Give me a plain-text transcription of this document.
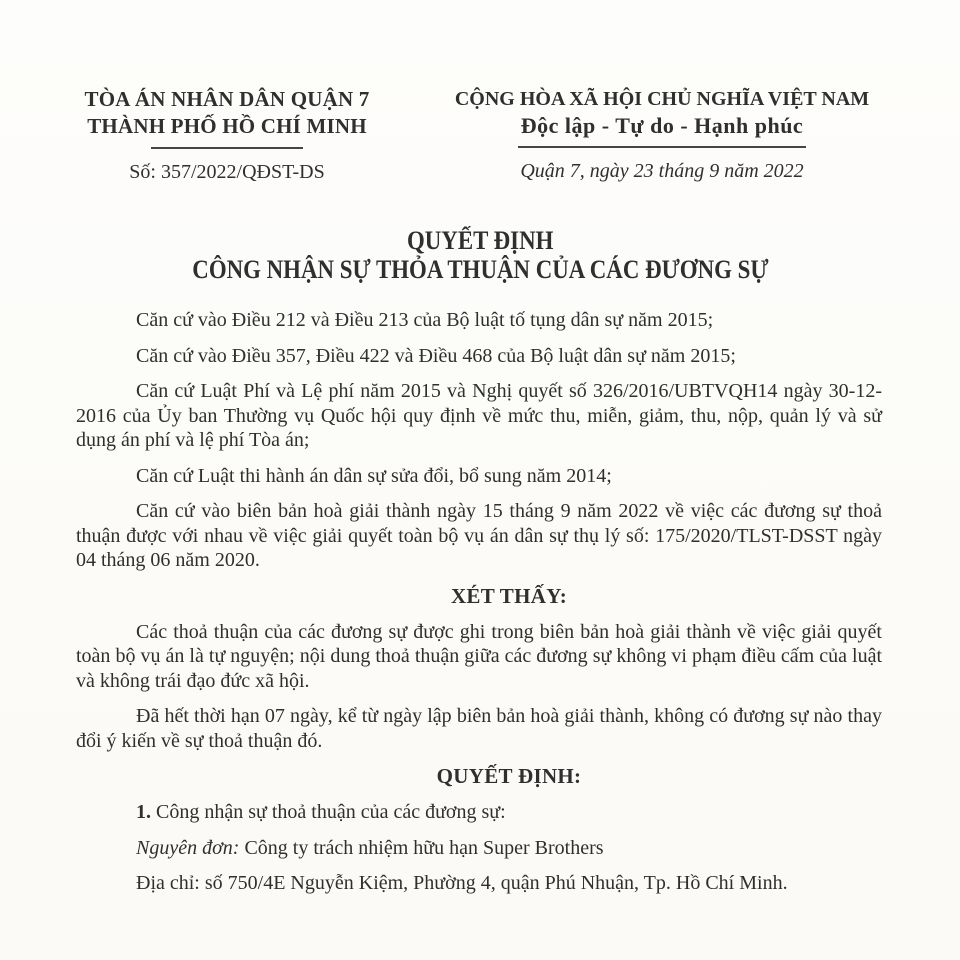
TÒA ÁN NHÂN DÂN QUẬN 7
THÀNH PHỐ HỒ CHÍ MINH
Số: 357/2022/QĐST-DS
CỘNG HÒA XÃ HỘI CHỦ NGHĨA VIỆT NAM
Độc lập - Tự do - Hạnh phúc
Quận 7, ngày 23 tháng 9 năm 2022
QUYẾT ĐỊNH
CÔNG NHẬN SỰ THỎA THUẬN CỦA CÁC ĐƯƠNG SỰ

Căn cứ vào Điều 212 và Điều 213 của Bộ luật tố tụng dân sự năm 2015;

Căn cứ vào Điều 357, Điều 422 và Điều 468 của Bộ luật dân sự năm 2015;

Căn cứ Luật Phí và Lệ phí năm 2015 và Nghị quyết số 326/2016/UBTVQH14 ngày 30-12-2016 của Ủy ban Thường vụ Quốc hội quy định về mức thu, miễn, giảm, thu, nộp, quản lý và sử dụng án phí và lệ phí Tòa án;

Căn cứ Luật thi hành án dân sự sửa đổi, bổ sung năm 2014;

Căn cứ vào biên bản hoà giải thành ngày 15 tháng 9 năm 2022 về việc các đương sự thoả thuận được với nhau về việc giải quyết toàn bộ vụ án dân sự thụ lý số: 175/2020/TLST-DSST ngày 04 tháng 06 năm 2020.

XÉT THẤY:

Các thoả thuận của các đương sự được ghi trong biên bản hoà giải thành về việc giải quyết toàn bộ vụ án là tự nguyện; nội dung thoả thuận giữa các đương sự không vi phạm điều cấm của luật và không trái đạo đức xã hội.

Đã hết thời hạn 07 ngày, kể từ ngày lập biên bản hoà giải thành, không có đương sự nào thay đổi ý kiến về sự thoả thuận đó.

QUYẾT ĐỊNH:

1. Công nhận sự thoả thuận của các đương sự:

Nguyên đơn: Công ty trách nhiệm hữu hạn Super Brothers

Địa chỉ: số 750/4E Nguyễn Kiệm, Phường 4, quận Phú Nhuận, Tp. Hồ Chí Minh.
